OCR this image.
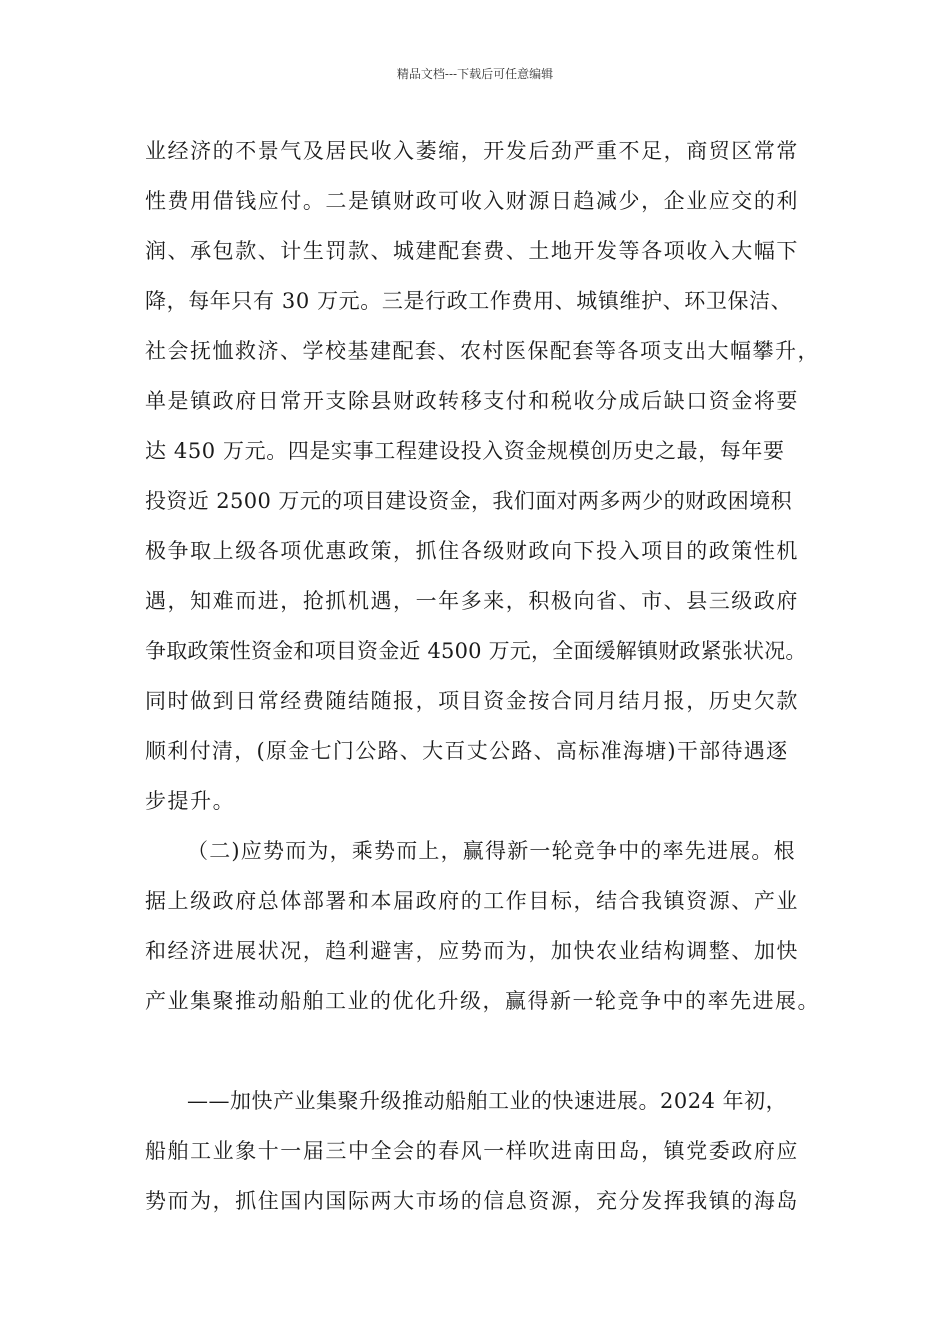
精品文档---下载后可任意编辑
业经济的不景气及居民收入萎缩，开发后劲严重不足，商贸区常常
性费用借钱应付。二是镇财政可收入财源日趋减少，企业应交的利
润、承包款、计生罚款、城建配套费、土地开发等各项收入大幅下
降，每年只有 30 万元。三是行政工作费用、城镇维护、环卫保洁、
社会抚恤救济、学校基建配套、农村医保配套等各项支出大幅攀升，
单是镇政府日常开支除县财政转移支付和税收分成后缺口资金将要
达 450 万元。四是实事工程建设投入资金规模创历史之最，每年要
投资近 2500 万元的项目建设资金，我们面对两多两少的财政困境积
极争取上级各项优惠政策，抓住各级财政向下投入项目的政策性机
遇，知难而进，抢抓机遇，一年多来，积极向省、市、县三级政府
争取政策性资金和项目资金近 4500 万元，全面缓解镇财政紧张状况。
同时做到日常经费随结随报，项目资金按合同月结月报，历史欠款
顺利付清，(原金七门公路、大百丈公路、高标准海塘)干部待遇逐
步提升。
（二)应势而为，乘势而上，赢得新一轮竞争中的率先进展。根
据上级政府总体部署和本届政府的工作目标，结合我镇资源、产业
和经济进展状况，趋利避害，应势而为，加快农业结构调整、加快
产业集聚推动船舶工业的优化升级，赢得新一轮竞争中的率先进展。
——加快产业集聚升级推动船舶工业的快速进展。2024 年初，
船舶工业象十一届三中全会的春风一样吹进南田岛，镇党委政府应
势而为，抓住国内国际两大市场的信息资源，充分发挥我镇的海岛
